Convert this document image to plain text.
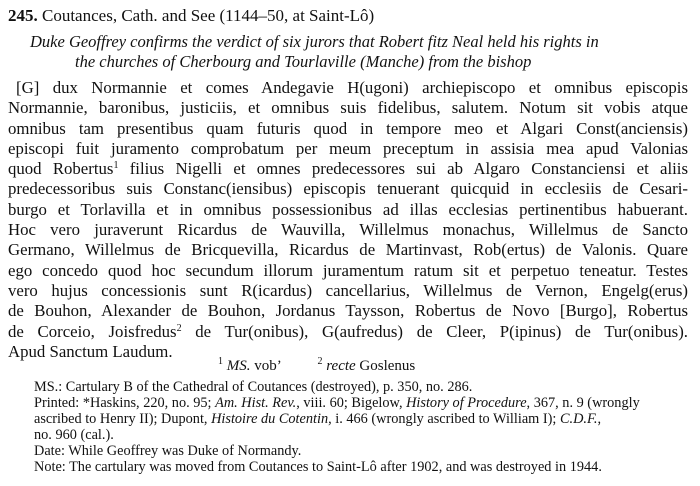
245. Coutances, Cath. and See (1144–50, at Saint-Lô)
Duke Geoffrey confirms the verdict of six jurors that Robert fitz Neal held his rights in
the churches of Cherbourg and Tourlaville (Manche) from the bishop
[G] dux Normannie et comes Andegavie H(ugoni) archiepiscopo et omnibus episcopis
Normannie, baronibus, justiciis, et omnibus suis fidelibus, salutem. Notum sit vobis atque
omnibus tam presentibus quam futuris quod in tempore meo et Algari Const(anciensis)
episcopi fuit juramento comprobatum per meum preceptum in assisia mea apud Valonias
quod Robertus$^1$ filius Nigelli et omnes predecessores sui ab Algaro Constanciensi et aliis
predecessoribus suis Constanc(iensibus) episcopis tenuerant quicquid in ecclesiis de Cesari-
burgo et Torlavilla et in omnibus possessionibus ad illas ecclesias pertinentibus habuerant.
Hoc vero juraverunt Ricardus de Wauvilla, Willelmus monachus, Willelmus de Sancto
Germano, Willelmus de Bricquevilla, Ricardus de Martinvast, Rob(ertus) de Valonis. Quare
ego concedo quod hoc secundum illorum juramentum ratum sit et perpetuo teneatur. Testes
vero hujus concessionis sunt R(icardus) cancellarius, Willelmus de Vernon, Engelg(erus)
de Bouhon, Alexander de Bouhon, Jordanus Taysson, Robertus de Novo [Burgo], Robertus
de Corceio, Joisfredus$^2$ de Tur(onibus), G(aufredus) de Cleer, P(ipinus) de Tur(onibus).
Apud Sanctum Laudum.
$^1$ MS. vob’	$^2$ recte Goslenus
MS.: Cartulary B of the Cathedral of Coutances (destroyed), p. 350, no. 286.
Printed: *Haskins, 220, no. 95; Am. Hist. Rev., viii. 60; Bigelow, History of Procedure, 367, n. 9 (wrongly
ascribed to Henry II); Dupont, Histoire du Cotentin, i. 466 (wrongly ascribed to William I); C.D.F.,
no. 960 (cal.).
Date: While Geoffrey was Duke of Normandy.
Note: The cartulary was moved from Coutances to Saint-Lô after 1902, and was destroyed in 1944.
